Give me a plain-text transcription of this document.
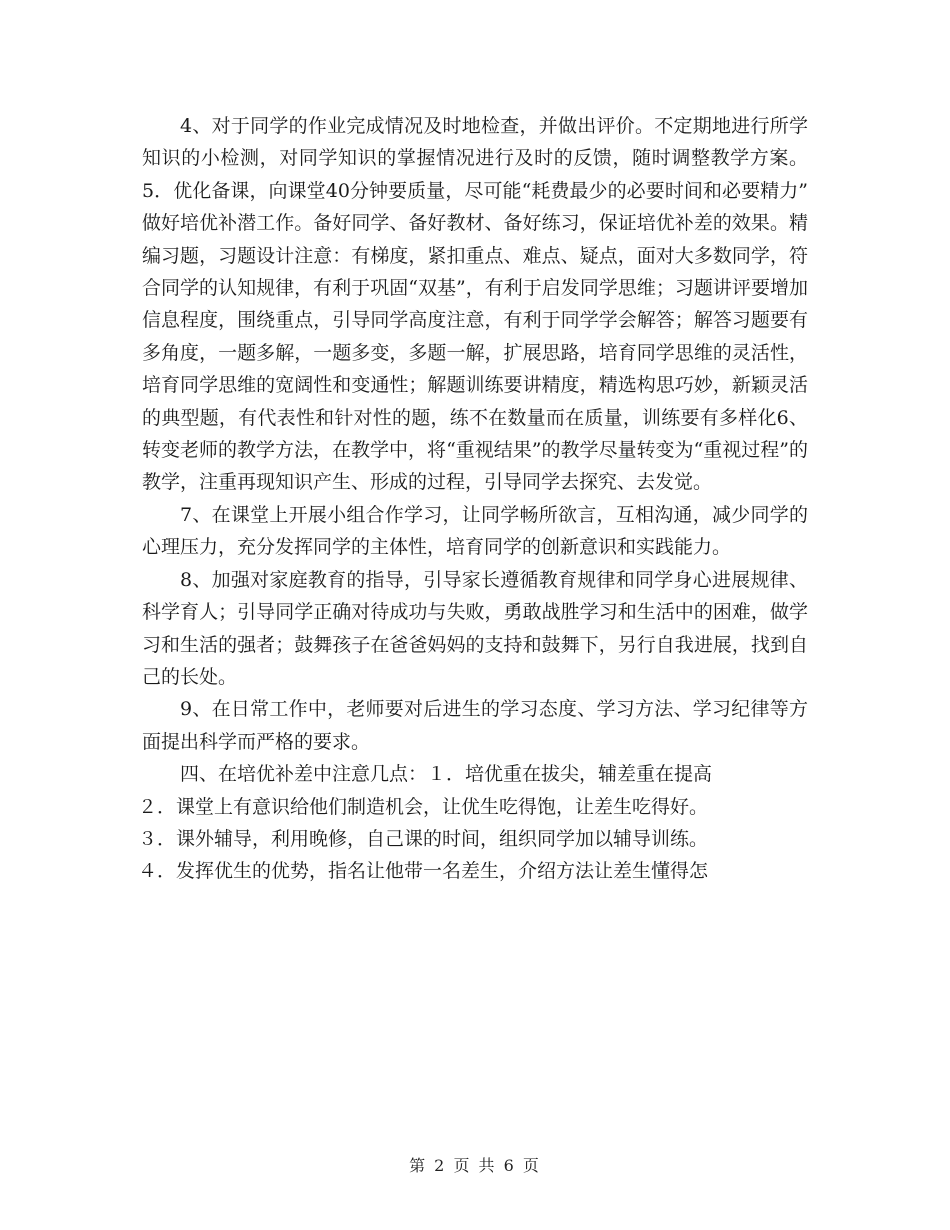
4、对于同学的作业完成情况及时地检查，并做出评价。不定期地进行所学知识的小检测，对同学知识的掌握情况进行及时的反馈，随时调整教学方案。5．优化备课，向课堂40分钟要质量，尽可能“耗费最少的必要时间和必要精力” 做好培优补潜工作。备好同学、备好教材、备好练习，保证培优补差的效果。精编习题，习题设计注意：有梯度，紧扣重点、难点、疑点，面对大多数同学，符合同学的认知规律，有利于巩固“双基”，有利于启发同学思维；习题讲评要增加信息程度，围绕重点，引导同学高度注意，有利于同学学会解答；解答习题要有多角度，一题多解，一题多变，多题一解，扩展思路，培育同学思维的灵活性，培育同学思维的宽阔性和变通性；解题训练要讲精度，精选构思巧妙，新颖灵活的典型题，有代表性和针对性的题，练不在数量而在质量，训练要有多样化6、转变老师的教学方法，在教学中，将“重视结果”的教学尽量转变为“重视过程”的教学，注重再现知识产生、形成的过程，引导同学去探究、去发觉。

7、在课堂上开展小组合作学习，让同学畅所欲言，互相沟通，减少同学的心理压力，充分发挥同学的主体性，培育同学的创新意识和实践能力。

8、加强对家庭教育的指导，引导家长遵循教育规律和同学身心进展规律、科学育人；引导同学正确对待成功与失败，勇敢战胜学习和生活中的困难，做学习和生活的强者；鼓舞孩子在爸爸妈妈的支持和鼓舞下，另行自我进展，找到自己的长处。

9、在日常工作中，老师要对后进生的学习态度、学习方法、学习纪律等方面提出科学而严格的要求。

四、在培优补差中注意几点：１．培优重在拔尖，辅差重在提高

２．课堂上有意识给他们制造机会，让优生吃得饱，让差生吃得好。

３．课外辅导，利用晚修，自己课的时间，组织同学加以辅导训练。

４．发挥优生的优势，指名让他带一名差生，介绍方法让差生懂得怎

第 2 页 共 6 页
